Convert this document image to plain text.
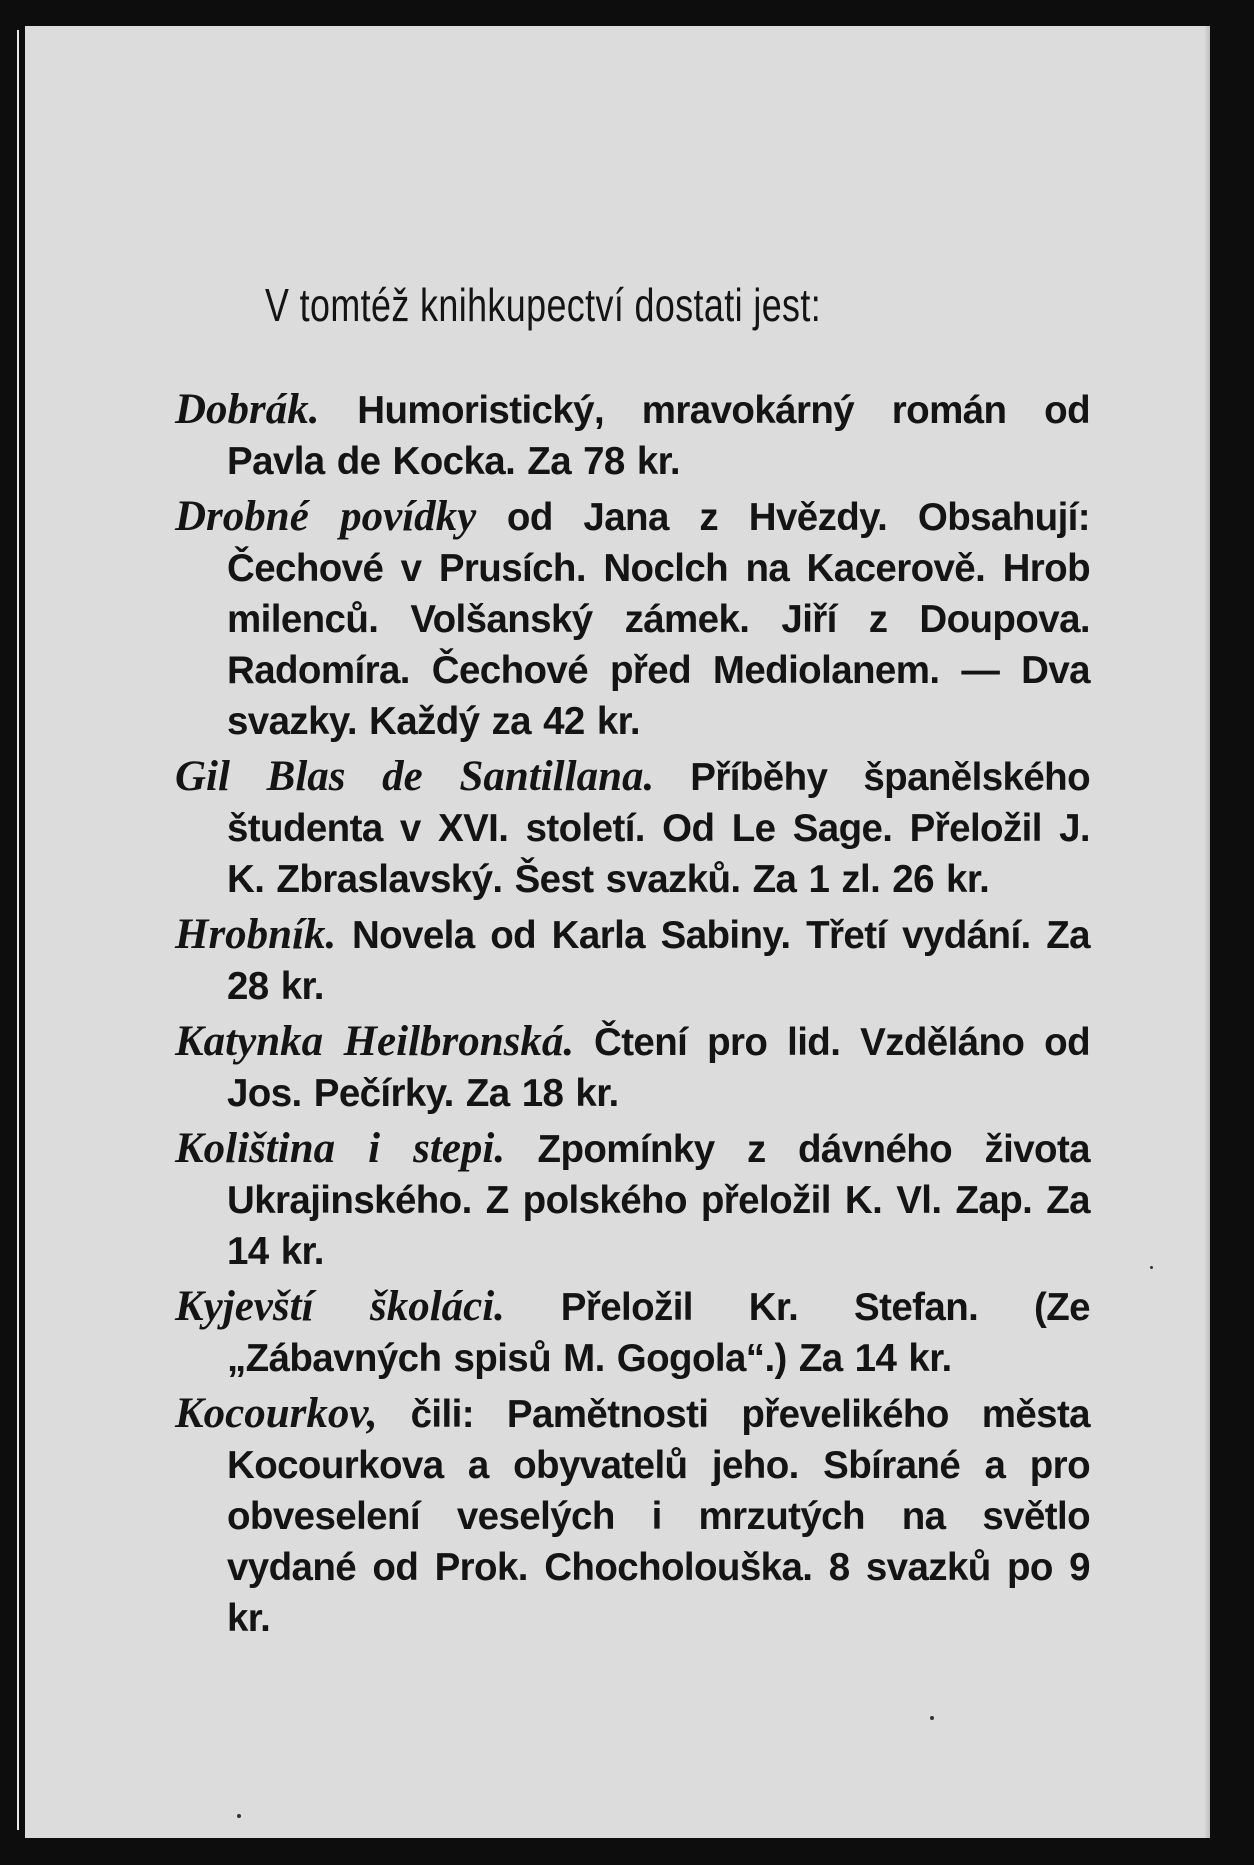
V tomtéž knihkupectví dostati jest:
Dobrák. Humoristický, mravokárný román od Pavla de Kocka. Za 78 kr.
Drobné povídky od Jana z Hvězdy. Obsahují: Čechové v Prusích. Noclch na Kacerově. Hrob milenců. Volšanský zámek. Jiří z Doupova. Radomíra. Čechové před Mediolanem. — Dva svazky. Každý za 42 kr.
Gil Blas de Santillana. Příběhy španělského študenta v XVI. století. Od Le Sage. Přeložil J. K. Zbraslavský. Šest svazků. Za 1 zl. 26 kr.
Hrobník. Novela od Karla Sabiny. Třetí vydání. Za 28 kr.
Katynka Heilbronská. Čtení pro lid. Vzděláno od Jos. Pečírky. Za 18 kr.
Koliština i stepi. Zpomínky z dávného života Ukrajinského. Z polského přeložil K. Vl. Zap. Za 14 kr.
Kyjevští školáci. Přeložil Kr. Stefan. (Ze „Zábavných spisů M. Gogola“.) Za 14 kr.
Kocourkov, čili: Pamětnosti převelikého města Kocourkova a obyvatelů jeho. Sbírané a pro obveselení veselých i mrzutých na světlo vydané od Prok. Chocholouška. 8 svazků po 9 kr.
